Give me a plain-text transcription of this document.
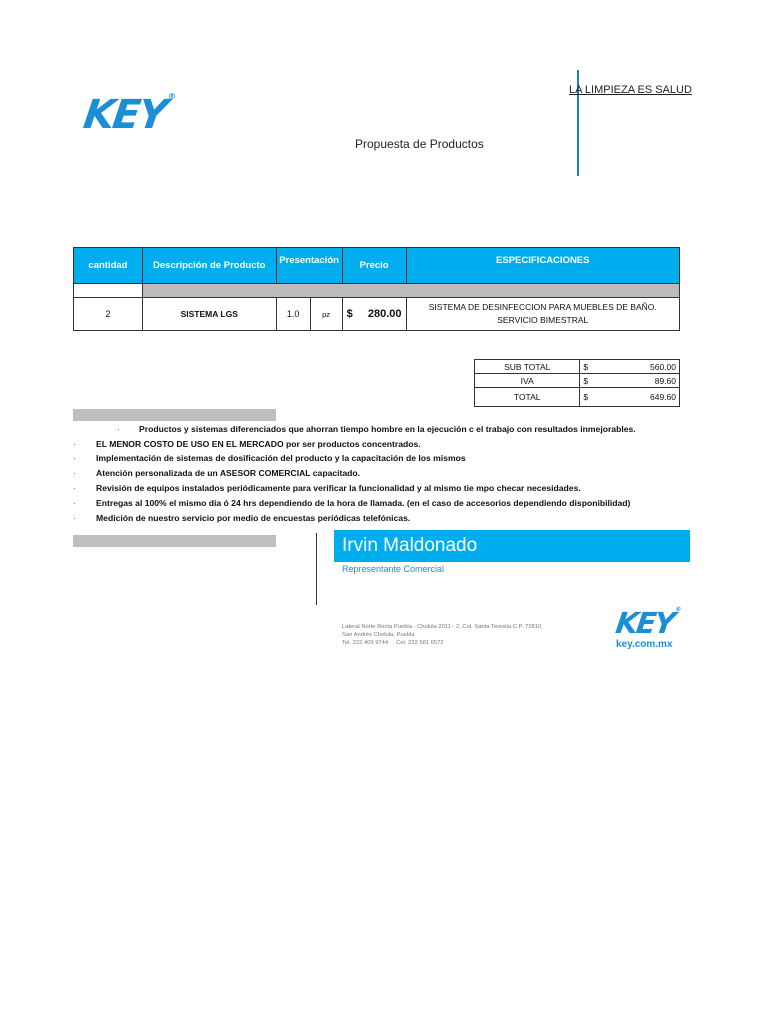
KEY®
LA LIMPIEZA ES SALUD
Propuesta de Productos
cantidad	Descripción de Producto	Presentación		Precio	ESPECIFICACIONES

2	SISTEMA LGS	1.0	pz	$ 280.00	SISTEMA DE DESINFECCION PARA MUEBLES DE BAÑO. SERVICIO BIMESTRAL
SUB TOTAL	$	560.00
IVA	$	89.60
TOTAL	$	649.60
· Productos y sistemas diferenciados que ahorran tiempo hombre en la ejecución c el trabajo con resultados inmejorables.
· EL MENOR COSTO DE USO EN EL MERCADO por ser productos concentrados.
· Implementación de sistemas de dosificación del producto y la capacitación de los mismos
· Atención personalizada de un ASESOR COMERCIAL capacitado.
· Revisión de equipos instalados periódicamente para verificar la funcionalidad y al mismo tie mpo checar necesidades.
· Entregas al 100% el mismo día ó 24 hrs dependiendo de la hora de llamada. (en el caso de accesorios dependiendo disponibilidad)
· Medición de nuestro servicio por medio de encuestas periódicas telefónicas.
Irvin Maldonado
Representante Comercial
Lateral Norte Recta Puebla - Cholula 2011 - 2, Col. Santa Teresita C.P. 72810,
San Andrés Cholula, Puebla
Tel. 222 409 9744     Cel. 222 581 6572
KEY®
key.com.mx
